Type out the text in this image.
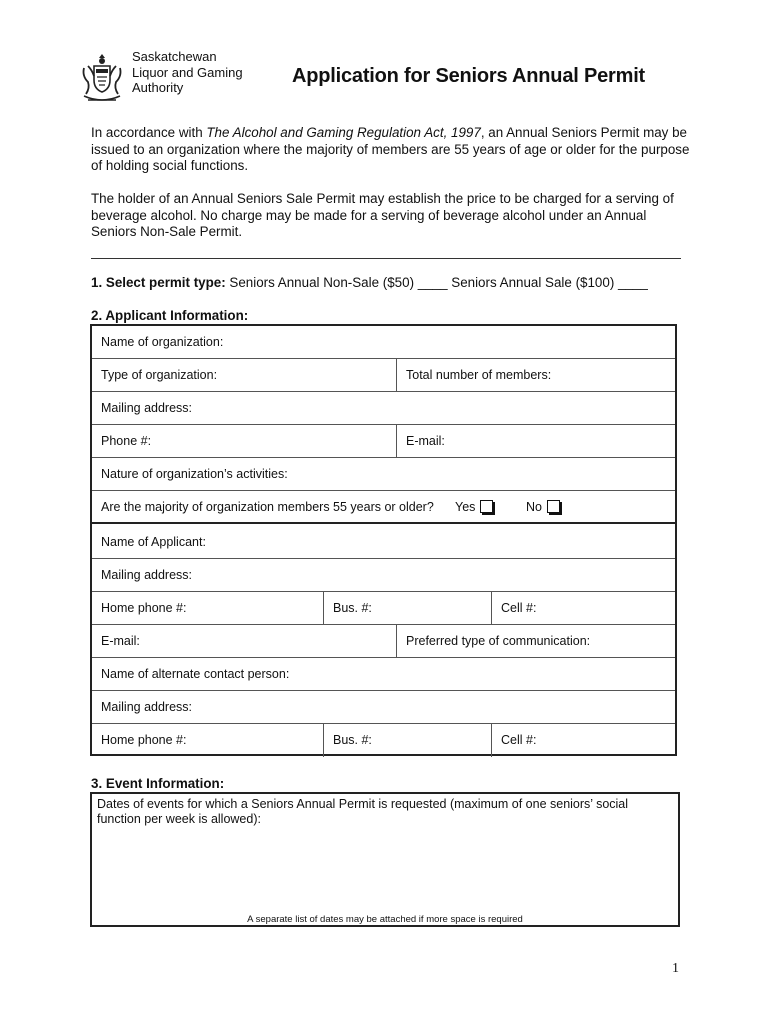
Saskatchewan
Liquor and Gaming
Authority
Application for Seniors Annual Permit
In accordance with The Alcohol and Gaming Regulation Act, 1997, an Annual Seniors Permit may be issued to an organization where the majority of members are 55 years of age or older for the purpose of holding social functions.
The holder of an Annual Seniors Sale Permit may establish the price to be charged for a serving of beverage alcohol. No charge may be made for a serving of beverage alcohol under an Annual Seniors Non-Sale Permit.
1. Select permit type: Seniors Annual Non-Sale ($50) ____ Seniors Annual Sale ($100) ____
2. Applicant Information:
Name of organization:
Type of organization:	Total number of members:
Mailing address:
Phone #:	E-mail:
Nature of organization’s activities:
Are the majority of organization members 55 years or older? Yes	No
Name of Applicant:
Mailing address:
Home phone #:	Bus. #:	Cell #:
E-mail:	Preferred type of communication:
Name of alternate contact person:
Mailing address:
Home phone #:	Bus. #:	Cell #:
3. Event Information:
Dates of events for which a Seniors Annual Permit is requested (maximum of one seniors’ social function per week is allowed):
A separate list of dates may be attached if more space is required
1
